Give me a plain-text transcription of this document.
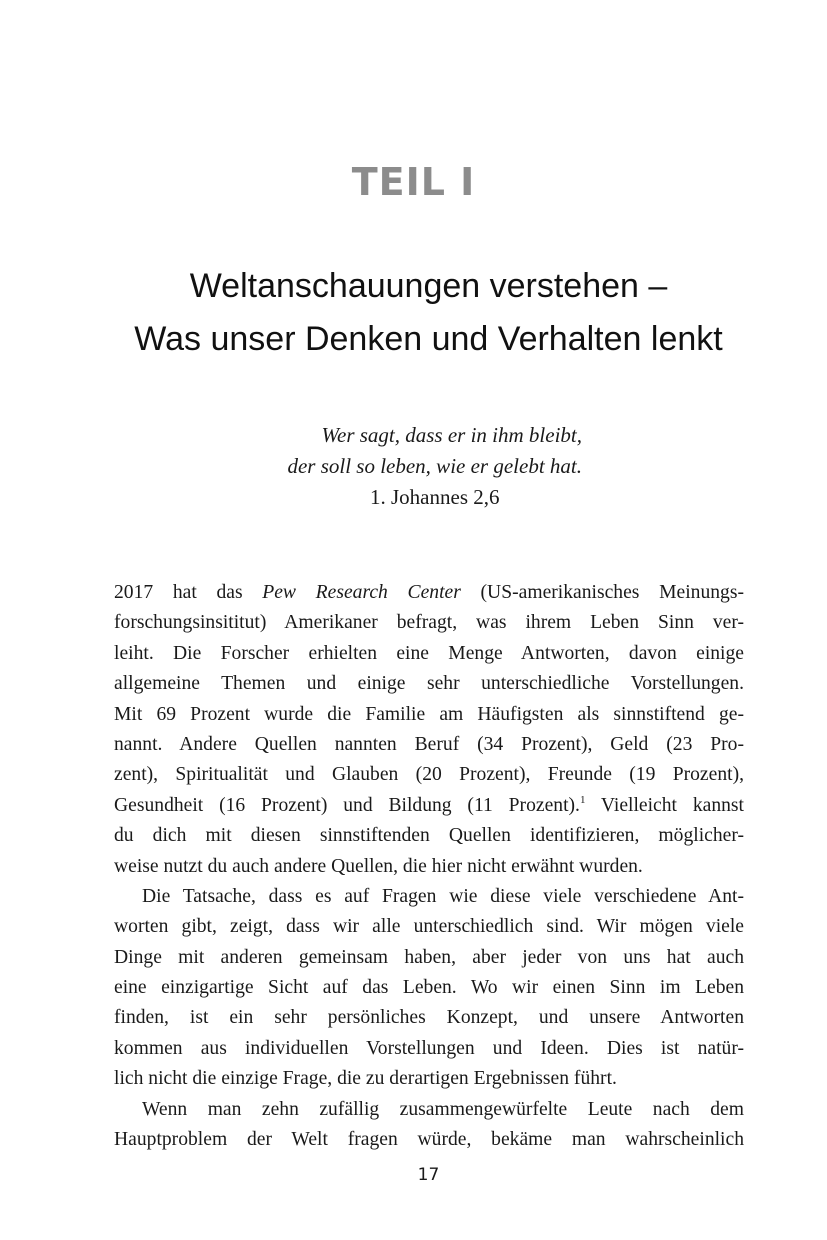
TEIL I
Weltanschauungen verstehen –
Was unser Denken und Verhalten lenkt
Wer sagt, dass er in ihm bleibt,
der soll so leben, wie er gelebt hat.
1. Johannes 2,6
2017 hat das Pew Research Center (US-amerikanisches Meinungs-
forschungsinsititut) Amerikaner befragt, was ihrem Leben Sinn ver-
leiht. Die Forscher erhielten eine Menge Antworten, davon einige
allgemeine Themen und einige sehr unterschiedliche Vorstellungen.
Mit 69 Prozent wurde die Familie am Häufigsten als sinnstiftend ge-
nannt. Andere Quellen nannten Beruf (34 Prozent), Geld (23 Pro-
zent), Spiritualität und Glauben (20 Prozent), Freunde (19 Prozent),
Gesundheit (16 Prozent) und Bildung (11 Prozent).$^1$ Vielleicht kannst
du dich mit diesen sinnstiftenden Quellen identifizieren, möglicher-
weise nutzt du auch andere Quellen, die hier nicht erwähnt wurden.
Die Tatsache, dass es auf Fragen wie diese viele verschiedene Ant-
worten gibt, zeigt, dass wir alle unterschiedlich sind. Wir mögen viele
Dinge mit anderen gemeinsam haben, aber jeder von uns hat auch
eine einzigartige Sicht auf das Leben. Wo wir einen Sinn im Leben
finden, ist ein sehr persönliches Konzept, und unsere Antworten
kommen aus individuellen Vorstellungen und Ideen. Dies ist natür-
lich nicht die einzige Frage, die zu derartigen Ergebnissen führt.
Wenn man zehn zufällig zusammengewürfelte Leute nach dem
Hauptproblem der Welt fragen würde, bekäme man wahrscheinlich
17
